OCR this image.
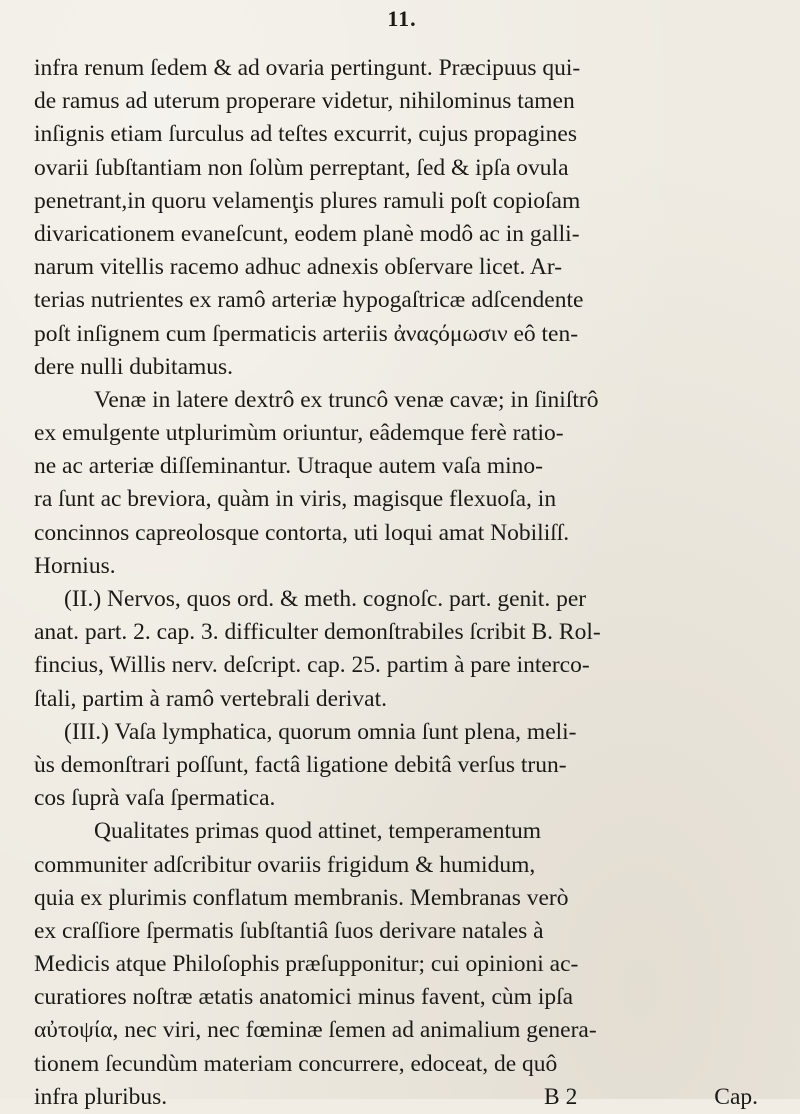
11.
infra renum ſedem & ad ovaria pertingunt. Præcipuus qui-
de ramus ad uterum properare videtur, nihilominus tamen
inſignis etiam ſurculus ad teſtes excurrit, cujus propagines
ovarii ſubſtantiam non ſolùm perreptant, ſed & ipſa ovula
penetrant,in quoru velamenţis plures ramuli poſt copioſam
divaricationem evaneſcunt, eodem planè modô ac in galli-
narum vitellis racemo adhuc adnexis obſervare licet. Ar-
terias nutrientes ex ramô arteriæ hypogaſtricæ adſcendente
poſt inſignem cum ſpermaticis arteriis ἀναςόμωσιν eô ten-
dere nulli dubitamus.
Venæ in latere dextrô ex truncô venæ cavæ; in ſiniſtrô
ex emulgente utplurimùm oriuntur, eâdemque ferè ratio-
ne ac arteriæ diſſeminantur. Utraque autem vaſa mino-
ra ſunt ac breviora, quàm in viris, magisque flexuoſa, in
concinnos capreolosque contorta, uti loqui amat Nobiliſſ.
Hornius.
(II.) Nervos, quos ord. & meth. cognoſc. part. genit. per
anat. part. 2. cap. 3. difficulter demonſtrabiles ſcribit B. Rol-
fincius, Willis nerv. deſcript. cap. 25. partim à pare interco-
ſtali, partim à ramô vertebrali derivat.
(III.) Vaſa lymphatica, quorum omnia ſunt plena, meli-
ùs demonſtrari poſſunt, factâ ligatione debitâ verſus trun-
cos ſuprà vaſa ſpermatica.
Qualitates primas quod attinet, temperamentum
communiter adſcribitur ovariis frigidum & humidum,
quia ex plurimis conflatum membranis. Membranas verò
ex craſſiore ſpermatis ſubſtantiâ ſuos derivare natales à
Medicis atque Philoſophis præſupponitur; cui opinioni ac-
curatiores noſtræ ætatis anatomici minus favent, cùm ipſa
αὐτοψία, nec viri, nec fœminæ ſemen ad animalium genera-
tionem ſecundùm materiam concurrere, edoceat, de quô
infra pluribus.	B 2	Cap.
